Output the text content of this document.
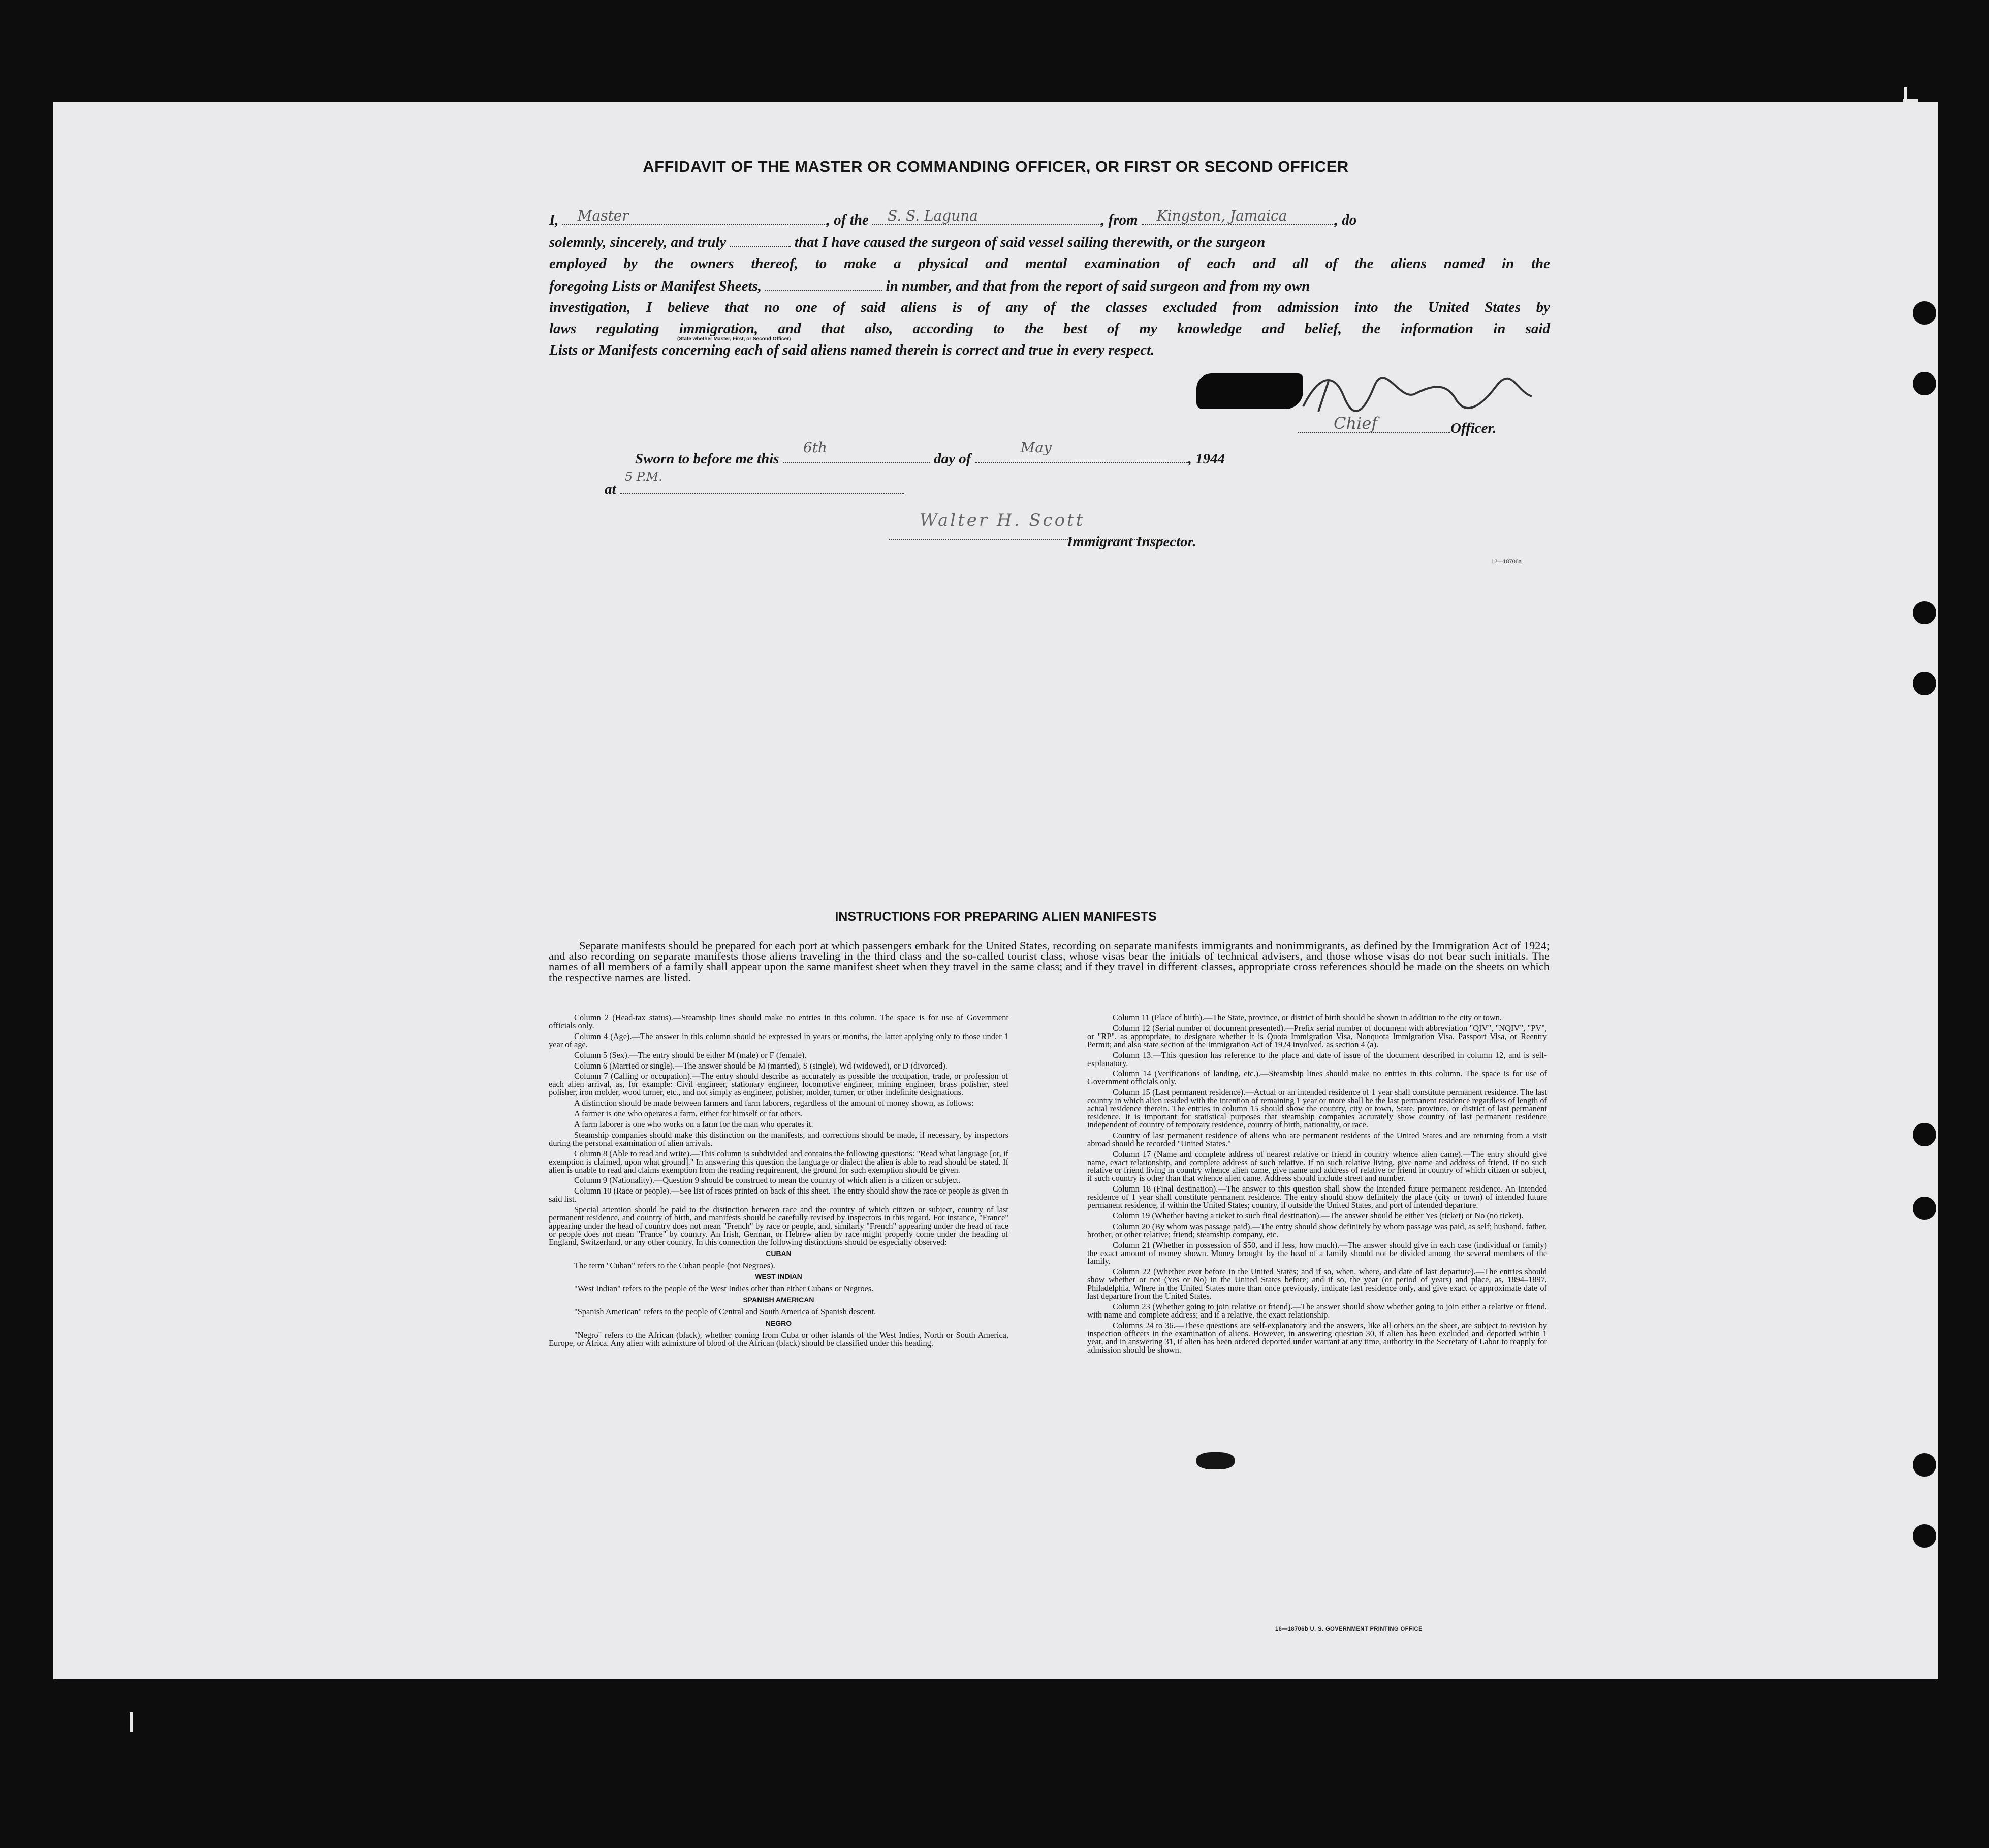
AFFIDAVIT OF THE MASTER OR COMMANDING OFFICER, OR FIRST OR SECOND OFFICER

I, Master	, of the S. S. Laguna	, from Kingston, Jamaica	, do

solemnly, sincerely, and truly	that I have caused the surgeon of said vessel sailing therewith, or the surgeon

employed by the owners thereof, to make a physical and mental examination of each and all of the aliens named in the

foregoing Lists or Manifest Sheets,	in number, and that from the report of said surgeon and from my own

investigation, I believe that no one of said aliens is of any of the classes excluded from admission into the United States by

laws regulating immigration, and that also, according to the best of my knowledge and belief, the information in said

Lists or Manifests concerning each of said aliens named therein is correct and true in every respect.

(State whether Master, First, or Second Officer)
Chief	Officer.
Sworn to before me this
6th
day of
May
, 1944
at
5 P.M.
Walter H. Scott
Immigrant Inspector.
12—18706a
INSTRUCTIONS FOR PREPARING ALIEN MANIFESTS

Separate manifests should be prepared for each port at which passengers embark for the United States, recording on separate manifests immigrants and nonimmigrants, as defined by the Immigration Act of 1924; and also recording on separate manifests those aliens traveling in the third class and the so-called tourist class, whose visas bear the initials of technical advisers, and those whose visas do not bear such initials. The names of all members of a family shall appear upon the same manifest sheet when they travel in the same class; and if they travel in different classes, appropriate cross references should be made on the sheets on which the respective names are listed.

Column 2 (Head-tax status).—Steamship lines should make no entries in this column. The space is for use of Government officials only.

Column 4 (Age).—The answer in this column should be expressed in years or months, the latter applying only to those under 1 year of age.

Column 5 (Sex).—The entry should be either M (male) or F (female).

Column 6 (Married or single).—The answer should be M (married), S (single), Wd (widowed), or D (divorced).

Column 7 (Calling or occupation).—The entry should describe as accurately as possible the occupation, trade, or profession of each alien arrival, as, for example: Civil engineer, stationary engineer, locomotive engineer, mining engineer, brass polisher, steel polisher, iron molder, wood turner, etc., and not simply as engineer, polisher, molder, turner, or other indefinite designations.

A distinction should be made between farmers and farm laborers, regardless of the amount of money shown, as follows:

A farmer is one who operates a farm, either for himself or for others.

A farm laborer is one who works on a farm for the man who operates it.

Steamship companies should make this distinction on the manifests, and corrections should be made, if necessary, by inspectors during the personal examination of alien arrivals.

Column 8 (Able to read and write).—This column is subdivided and contains the following questions: "Read what language [or, if exemption is claimed, upon what ground]." In answering this question the language or dialect the alien is able to read should be stated. If alien is unable to read and claims exemption from the reading requirement, the ground for such exemption should be given.

Column 9 (Nationality).—Question 9 should be construed to mean the country of which alien is a citizen or subject.

Column 10 (Race or people).—See list of races printed on back of this sheet. The entry should show the race or people as given in said list.

Special attention should be paid to the distinction between race and the country of which citizen or subject, country of last permanent residence, and country of birth, and manifests should be carefully revised by inspectors in this regard. For instance, "France" appearing under the head of country does not mean "French" by race or people, and, similarly "French" appearing under the head of race or people does not mean "France" by country. An Irish, German, or Hebrew alien by race might properly come under the heading of England, Switzerland, or any other country. In this connection the following distinctions should be especially observed:

CUBAN

The term "Cuban" refers to the Cuban people (not Negroes).

WEST INDIAN

"West Indian" refers to the people of the West Indies other than either Cubans or Negroes.

SPANISH AMERICAN

"Spanish American" refers to the people of Central and South America of Spanish descent.

NEGRO

"Negro" refers to the African (black), whether coming from Cuba or other islands of the West Indies, North or South America, Europe, or Africa. Any alien with admixture of blood of the African (black) should be classified under this heading.

Column 11 (Place of birth).—The State, province, or district of birth should be shown in addition to the city or town.

Column 12 (Serial number of document presented).—Prefix serial number of document with abbreviation "QIV", "NQIV", "PV", or "RP", as appropriate, to designate whether it is Quota Immigration Visa, Nonquota Immigration Visa, Passport Visa, or Reentry Permit; and also state section of the Immigration Act of 1924 involved, as section 4 (a).

Column 13.—This question has reference to the place and date of issue of the document described in column 12, and is self-explanatory.

Column 14 (Verifications of landing, etc.).—Steamship lines should make no entries in this column. The space is for use of Government officials only.

Column 15 (Last permanent residence).—Actual or an intended residence of 1 year shall constitute permanent residence. The last country in which alien resided with the intention of remaining 1 year or more shall be the last permanent residence regardless of length of actual residence therein. The entries in column 15 should show the country, city or town, State, province, or district of last permanent residence. It is important for statistical purposes that steamship companies accurately show country of last permanent residence independent of country of temporary residence, country of birth, nationality, or race.

Country of last permanent residence of aliens who are permanent residents of the United States and are returning from a visit abroad should be recorded "United States."

Column 17 (Name and complete address of nearest relative or friend in country whence alien came).—The entry should give name, exact relationship, and complete address of such relative. If no such relative living, give name and address of friend. If no such relative or friend living in country whence alien came, give name and address of relative or friend in country of which citizen or subject, if such country is other than that whence alien came. Address should include street and number.

Column 18 (Final destination).—The answer to this question shall show the intended future permanent residence. An intended residence of 1 year shall constitute permanent residence. The entry should show definitely the place (city or town) of intended future permanent residence, if within the United States; country, if outside the United States, and port of intended departure.

Column 19 (Whether having a ticket to such final destination).—The answer should be either Yes (ticket) or No (no ticket).

Column 20 (By whom was passage paid).—The entry should show definitely by whom passage was paid, as self; husband, father, brother, or other relative; friend; steamship company, etc.

Column 21 (Whether in possession of $50, and if less, how much).—The answer should give in each case (individual or family) the exact amount of money shown. Money brought by the head of a family should not be divided among the several members of the family.

Column 22 (Whether ever before in the United States; and if so, when, where, and date of last departure).—The entries should show whether or not (Yes or No) in the United States before; and if so, the year (or period of years) and place, as, 1894–1897, Philadelphia. Where in the United States more than once previously, indicate last residence only, and give exact or approximate date of last departure from the United States.

Column 23 (Whether going to join relative or friend).—The answer should show whether going to join either a relative or friend, with name and complete address; and if a relative, the exact relationship.

Columns 24 to 36.—These questions are self-explanatory and the answers, like all others on the sheet, are subject to revision by inspection officers in the examination of aliens. However, in answering question 30, if alien has been excluded and deported within 1 year, and in answering 31, if alien has been ordered deported under warrant at any time, authority in the Secretary of Labor to reapply for admission should be shown.

16—18706b U. S. GOVERNMENT PRINTING OFFICE
